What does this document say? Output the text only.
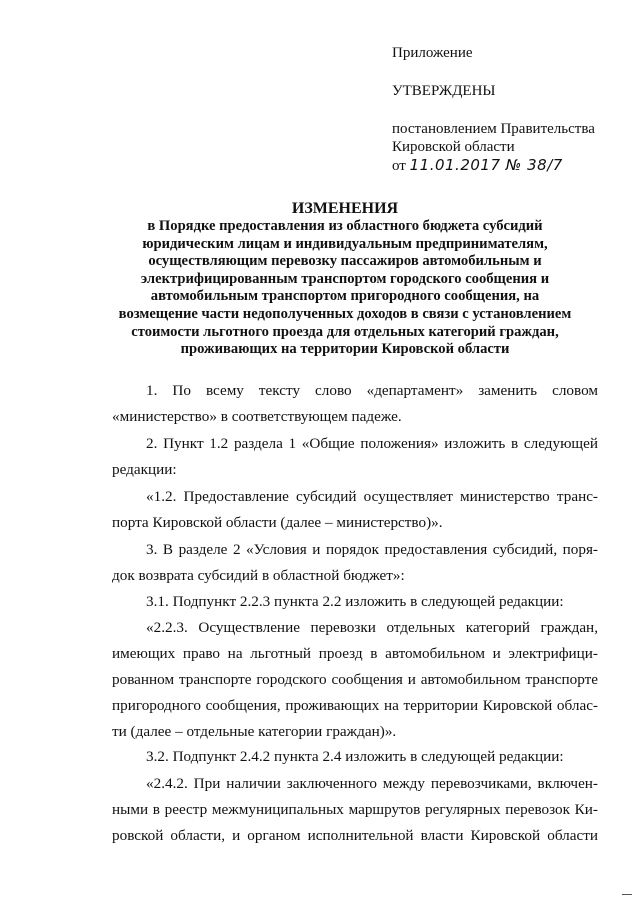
Приложение
УТВЕРЖДЕНЫ
постановлением Правительства
Кировской области
от 11.01.2017 № 38/7
ИЗМЕНЕНИЯ
в Порядке предоставления из областного бюджета субсидий
юридическим лицам и индивидуальным предпринимателям,
осуществляющим перевозку пассажиров автомобильным и
электрифицированным транспортом городского сообщения и
автомобильным транспортом пригородного сообщения, на
возмещение части недополученных доходов в связи с установлением
стоимости льготного проезда для отдельных категорий граждан,
проживающих на территории Кировской области
1. По всему тексту слово «департамент» заменить словом
«министерство» в соответствующем падеже.
2. Пункт 1.2 раздела 1 «Общие положения» изложить в следующей
редакции:
«1.2. Предоставление субсидий осуществляет министерство транс-
порта Кировской области (далее – министерство)».
3. В разделе 2 «Условия и порядок предоставления субсидий, поря-
док возврата субсидий в областной бюджет»:
3.1. Подпункт 2.2.3 пункта 2.2 изложить в следующей редакции:
«2.2.3. Осуществление перевозки отдельных категорий граждан,
имеющих право на льготный проезд в автомобильном и электрифици-
рованном транспорте городского сообщения и автомобильном транспорте
пригородного сообщения, проживающих на территории Кировской облас-
ти (далее – отдельные категории граждан)».
3.2. Подпункт 2.4.2 пункта 2.4 изложить в следующей редакции:
«2.4.2. При наличии заключенного между перевозчиками, включен-
ными в реестр межмуниципальных маршрутов регулярных перевозок Ки-
ровской области, и органом исполнительной власти Кировской области
